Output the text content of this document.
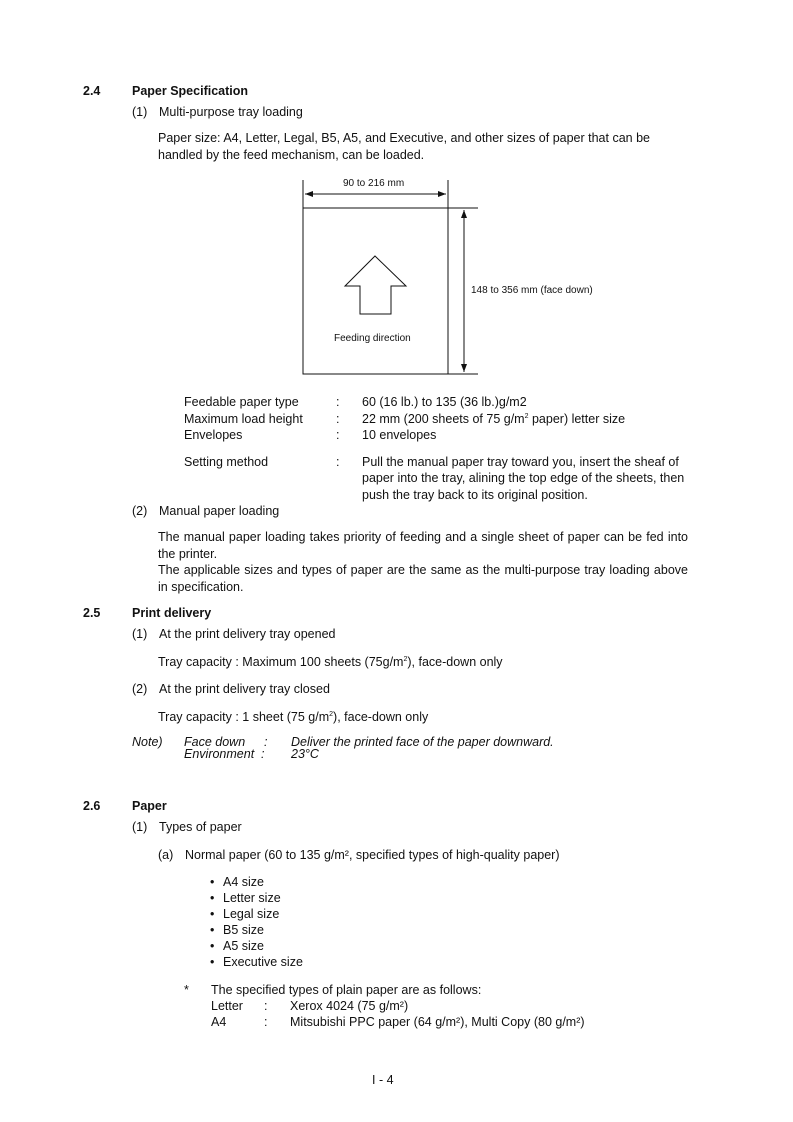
2.4	Paper Specification
(1) Multi-purpose tray loading
Paper size: A4, Letter, Legal, B5, A5, and Executive, and other sizes of paper that can be handled by the feed mechanism, can be loaded.
90 to 216 mm
148 to 356 mm (face down)
Feeding direction
Feedable paper type	: 60 (16 lb.) to 135 (36 lb.)g/m2
Maximum load height	: 22 mm (200 sheets of 75 $g/m^2$ paper) letter size
Envelopes	: 10 envelopes
Setting method	: Pull the manual paper tray toward you, insert the sheaf of paper into the tray, alining the top edge of the sheets, then push the tray back to its original position.
(2) Manual paper loading
The manual paper loading takes priority of feeding and a single sheet of paper can be fed into the printer.
The applicable sizes and types of paper are the same as the multi-purpose tray loading above in specification.
2.5	Print delivery
(1) At the print delivery tray opened
Tray capacity : Maximum 100 sheets $(75g/m^2)$, face-down only
(2) At the print delivery tray closed
Tray capacity : 1 sheet (75 $g/m^2$), face-down only
Note) Face down : Deliver the printed face of the paper downward.
Environment : 23°C
2.6	Paper
(1) Types of paper
(a) Normal paper (60 to 135 g/m², specified types of high-quality paper)
• A4 size
• Letter size
• Legal size
• B5 size
• A5 size
• Executive size
* The specified types of plain paper are as follows:
Letter : Xerox 4024 (75 g/m²)
A4	: Mitsubishi PPC paper (64 g/m²), Multi Copy (80 g/m²)
I - 4
